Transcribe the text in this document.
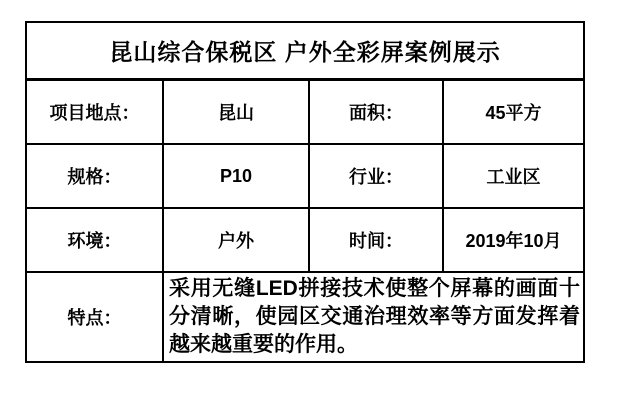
昆山综合保税区 户外全彩屏案例展示			
项目地点：	昆山	面积：	45平方
规格：	P10	行业：	工业区
环境：	户外	时间：	2019年10月
特点：	采用无缝LED拼接技术使整个屏幕的画面十分清晰，使园区交通治理效率等方面发挥着越来越重要的作用。		
